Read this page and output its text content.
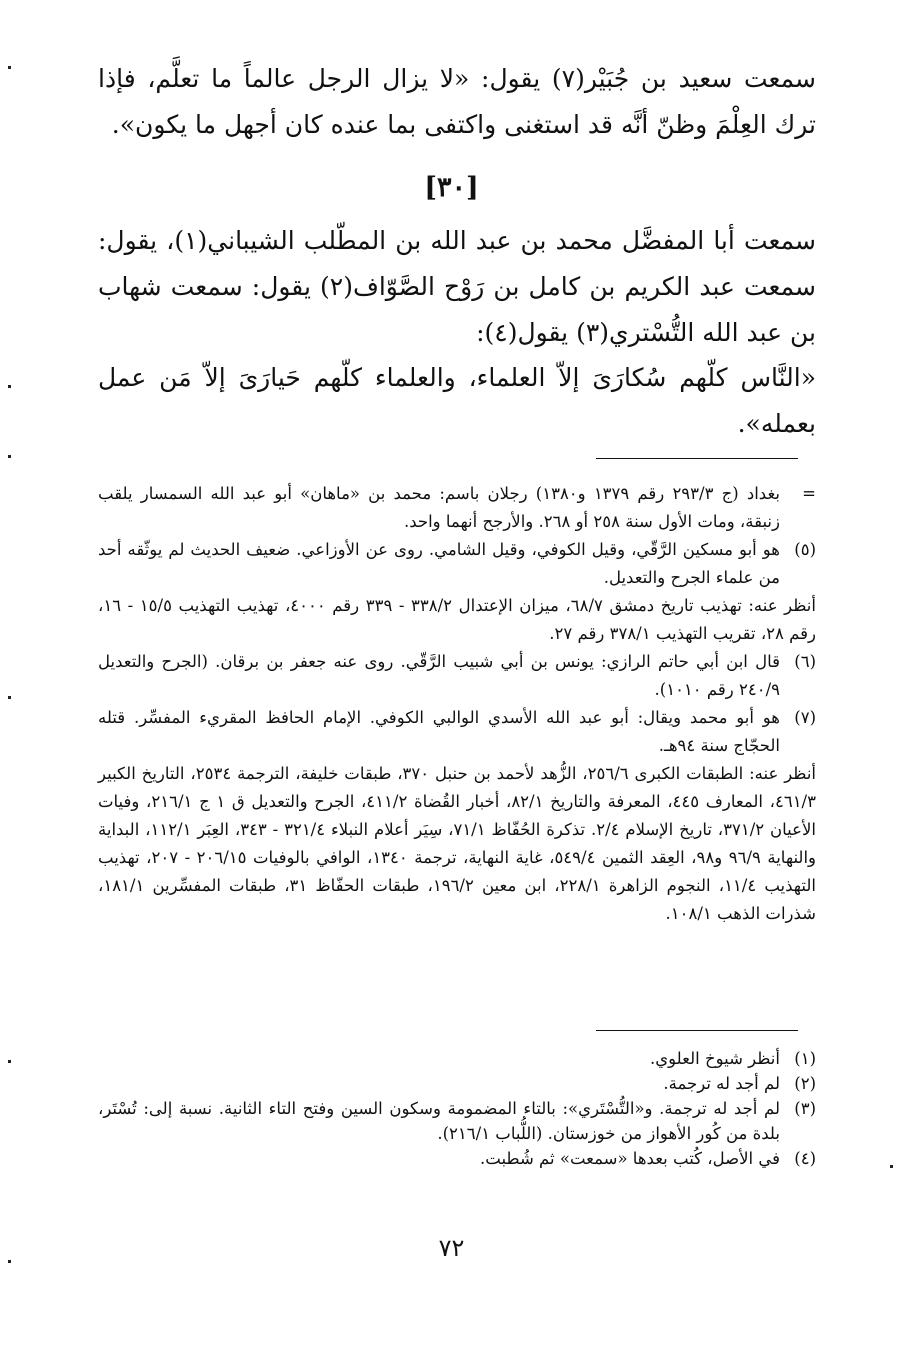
سمعت سعيد بن جُبَيْر(٧) يقول: «لا يزال الرجل عالماً ما تعلَّم، فإذا ترك العِلْمَ وظنّ أنَّه قد استغنى واكتفى بما عنده كان أجهل ما يكون».
[٣٠]
سمعت أبا المفضَّل محمد بن عبد الله بن المطّلب الشيباني(١)، يقول: سمعت عبد الكريم بن كامل بن رَوْح الصَّوّاف(٢) يقول: سمعت شهاب بن عبد الله التُّسْتري(٣) يقول(٤):
«النَّاس كلّهم سُكارَىَ إلاّ العلماء، والعلماء كلّهم حَيارَىَ إلاّ مَن عمل بعمله».
=
بغداد (ج ٢٩٣/٣ رقم ١٣٧٩ و١٣٨٠) رجلان باسم: محمد بن «ماهان» أبو عبد الله السمسار يلقب زنبقة، ومات الأول سنة ٢٥٨ أو ٢٦٨. والأرجح أنهما واحد.
(٥)
هو أبو مسكين الرَّقّي، وقيل الكوفي، وقيل الشامي. روى عن الأوزاعي. ضعيف الحديث لم يوثّقه أحد من علماء الجرح والتعديل.
أنظر عنه: تهذيب تاريخ دمشق ٦٨/٧، ميزان الإعتدال ٣٣٨/٢ - ٣٣٩ رقم ٤٠٠٠، تهذيب التهذيب ١٥/٥ - ١٦، رقم ٢٨، تقريب التهذيب ٣٧٨/١ رقم ٢٧.
(٦)
قال ابن أبي حاتم الرازي: يونس بن أبي شبيب الرَّقّي. روى عنه جعفر بن برقان. (الجرح والتعديل ٢٤٠/٩ رقم ١٠١٠).
(٧)
هو أبو محمد ويقال: أبو عبد الله الأسدي الوالبي الكوفي. الإمام الحافظ المقريء المفسِّر. قتله الحجّاج سنة ٩٤هـ.
أنظر عنه: الطبقات الكبرى ٢٥٦/٦، الزُّهد لأحمد بن حنبل ٣٧٠، طبقات خليفة، الترجمة ٢٥٣٤، التاريخ الكبير ٤٦١/٣، المعارف ٤٤٥، المعرفة والتاريخ ٨٢/١، أخبار القُضاة ٤١١/٢، الجرح والتعديل ق ١ ج ٢١٦/١، وفيات الأعيان ٣٧١/٢، تاريخ الإسلام ٢/٤. تذكرة الحُفّاظ ٧١/١، سِيَر أعلام النبلاء ٣٢١/٤ - ٣٤٣، العِبَر ١١٢/١، البداية والنهاية ٩٦/٩ و٩٨، العِقد الثمين ٥٤٩/٤، غاية النهاية، ترجمة ١٣٤٠، الوافي بالوفيات ٢٠٦/١٥ - ٢٠٧، تهذيب التهذيب ١١/٤، النجوم الزاهرة ٢٢٨/١، ابن معين ١٩٦/٢، طبقات الحفّاظ ٣١، طبقات المفسِّرين ١٨١/١، شذرات الذهب ١٠٨/١.
(١)
أنظر شيوخ العلوي.
(٢)
لم أجد له ترجمة.
(٣)
لم أجد له ترجمة. و«التُّسْتَري»: بالتاء المضمومة وسكون السين وفتح التاء الثانية. نسبة إلى: تُسْتَر، بلدة من كُور الأهواز من خوزستان. (اللُّباب ٢١٦/١).
(٤)
في الأصل، كُتب بعدها «سمعت» ثم شُطبت.
٧٢
